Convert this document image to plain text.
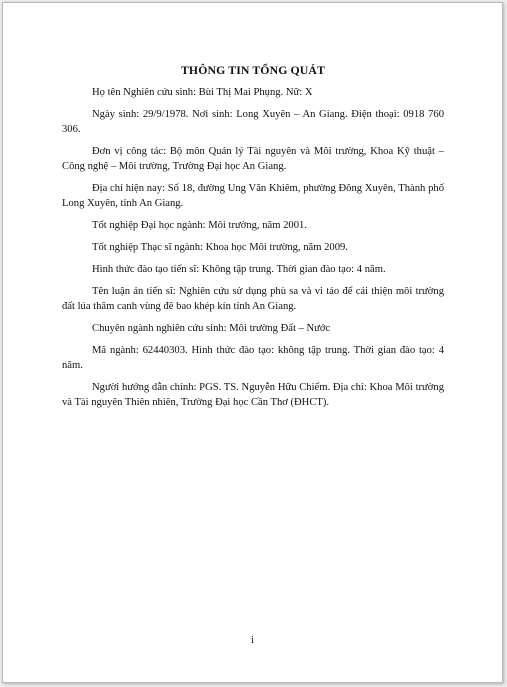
THÔNG TIN TỔNG QUÁT

Họ tên Nghiên cứu sinh: Bùi Thị Mai Phụng. Nữ: X

Ngày sinh: 29/9/1978. Nơi sinh: Long Xuyên – An Giang. Điện thoại: 0918 760 306.

Đơn vị công tác: Bộ môn Quản lý Tài nguyên và Môi trường, Khoa Kỹ thuật – Công nghệ – Môi trường, Trường Đại học An Giang.

Địa chỉ hiện nay: Số 18, đường Ung Văn Khiêm, phường Đông Xuyên, Thành phố Long Xuyên, tỉnh An Giang.

Tốt nghiệp Đại học ngành: Môi trường, năm 2001.

Tốt nghiệp Thạc sĩ ngành: Khoa học Môi trường, năm 2009.

Hình thức đào tạo tiến sĩ: Không tập trung. Thời gian đào tạo: 4 năm.

Tên luận án tiến sĩ: Nghiên cứu sử dụng phù sa và vi tảo để cải thiện môi trường đất lúa thâm canh vùng đê bao khép kín tỉnh An Giang.

Chuyên ngành nghiên cứu sinh: Môi trường Đất – Nước

Mã ngành: 62440303. Hình thức đào tạo: không tập trung. Thời gian đào tạo: 4 năm.

Người hướng dẫn chính: PGS. TS. Nguyễn Hữu Chiếm. Địa chỉ: Khoa Môi trường và Tài nguyên Thiên nhiên, Trường Đại học Cần Thơ (ĐHCT).

i
